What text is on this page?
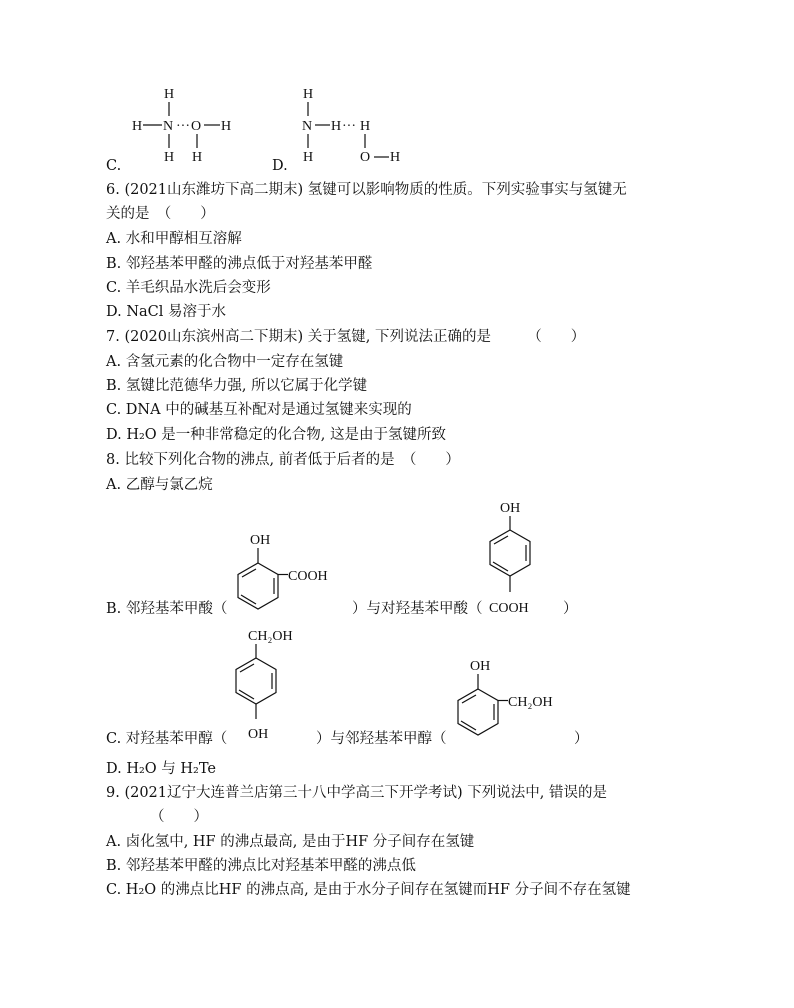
C.
H
H N ··· O H
H H
D.
H
N H ··· H
H	O H
6. (2021山东潍坊下高二期末) 氢键可以影响物质的性质。下列实验事实与氢键无
关的是　（　　）
A. 水和甲醇相互溶解
B. 邻羟基苯甲醛的沸点低于对羟基苯甲醛
C. 羊毛织品水洗后会变形
D. NaCl 易溶于水
7. (2020山东滨州高二下期末) 关于氢键, 下列说法正确的是　　　（　　）
A. 含氢元素的化合物中一定存在氢键
B. 氢键比范德华力强, 所以它属于化学键
C. DNA 中的碱基互补配对是通过氢键来实现的
D. H₂O 是一种非常稳定的化合物, 这是由于氢键所致
8. 比较下列化合物的沸点, 前者低于后者的是　（　　）
A. 乙醇与氯乙烷
B. 邻羟基苯甲酸（
OH
COOH
）与对羟基苯甲酸（
OH
COOH ）
C. 对羟基苯甲醇（
CH₂OH
OH	）与邻羟基苯甲醇（
OH
CH₂OH
）
D. H₂O 与 H₂Te
9. (2021辽宁大连普兰店第三十八中学高三下开学考试) 下列说法中, 错误的是
（　　）
A. 卤化氢中, HF 的沸点最高, 是由于HF 分子间存在氢键
B. 邻羟基苯甲醛的沸点比对羟基苯甲醛的沸点低
C. H₂O 的沸点比HF 的沸点高, 是由于水分子间存在氢键而HF 分子间不存在氢键
